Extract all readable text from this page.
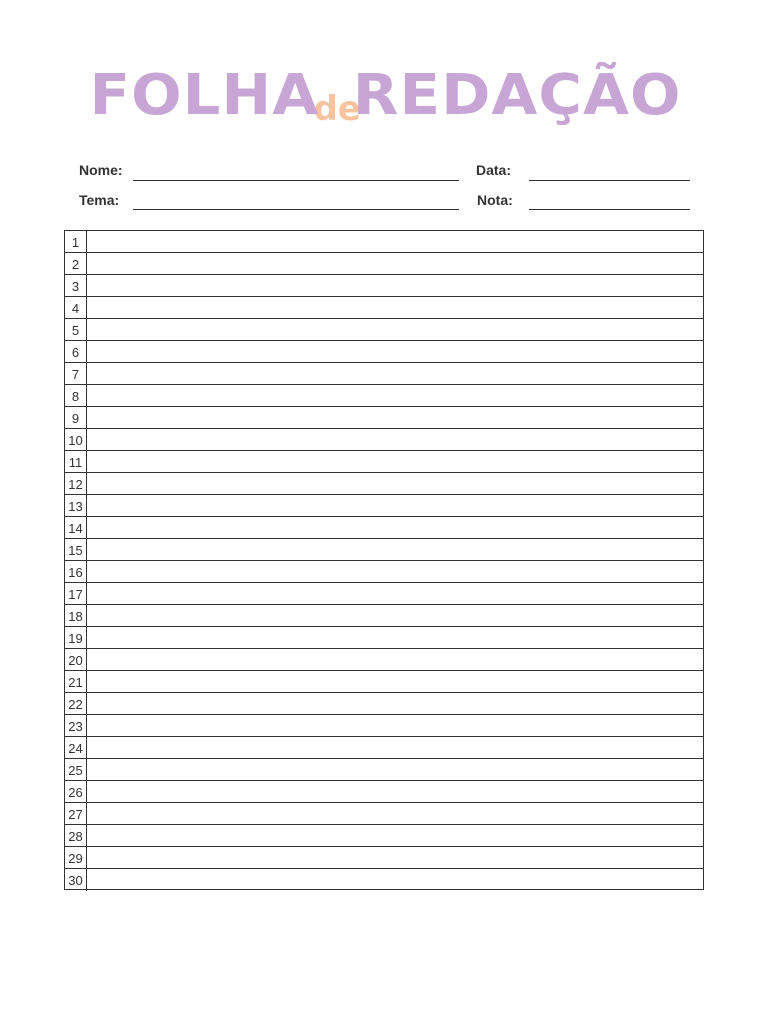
FOLHAdeREDAÇÃO
Nome:	Data:
Tema:	Nota:
1
2
3
4
5
6
7
8
9
10
11
12
13
14
15
16
17
18
19
20
21
22
23
24
25
26
27
28
29
30
